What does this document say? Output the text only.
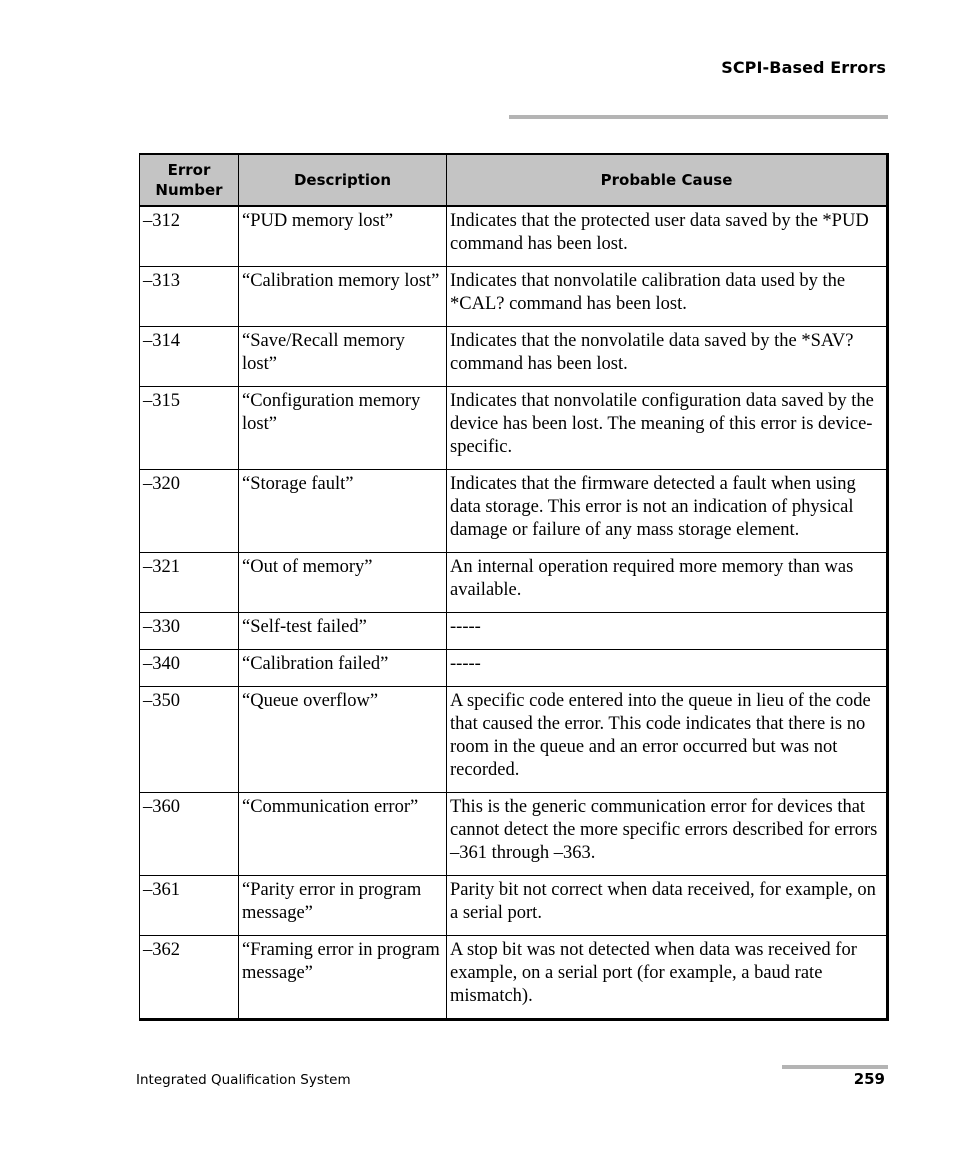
SCPI-Based Errors
Error Number	Description	Probable Cause
–312	“PUD memory lost”	Indicates that the protected user data saved by the *PUD command has been lost.
–313	“Calibration memory lost”	Indicates that nonvolatile calibration data used by the *CAL? command has been lost.
–314	“Save/Recall memory lost”	Indicates that the nonvolatile data saved by the *SAV? command has been lost.
–315	“Configuration memory lost”	Indicates that nonvolatile configuration data saved by the device has been lost. The meaning of this error is device-specific.
–320	“Storage fault”	Indicates that the firmware detected a fault when using data storage. This error is not an indication of physical damage or failure of any mass storage element.
–321	“Out of memory”	An internal operation required more memory than was available.
–330	“Self-test failed”	-----
–340	“Calibration failed”	-----
–350	“Queue overflow”	A specific code entered into the queue in lieu of the code that caused the error. This code indicates that there is no room in the queue and an error occurred but was not recorded.
–360	“Communication error”	This is the generic communication error for devices that cannot detect the more specific errors described for errors –361 through –363.
–361	“Parity error in program message”	Parity bit not correct when data received, for example, on a serial port.
–362	“Framing error in program message”	A stop bit was not detected when data was received for example, on a serial port (for example, a baud rate mismatch).
Integrated Qualification System	259
